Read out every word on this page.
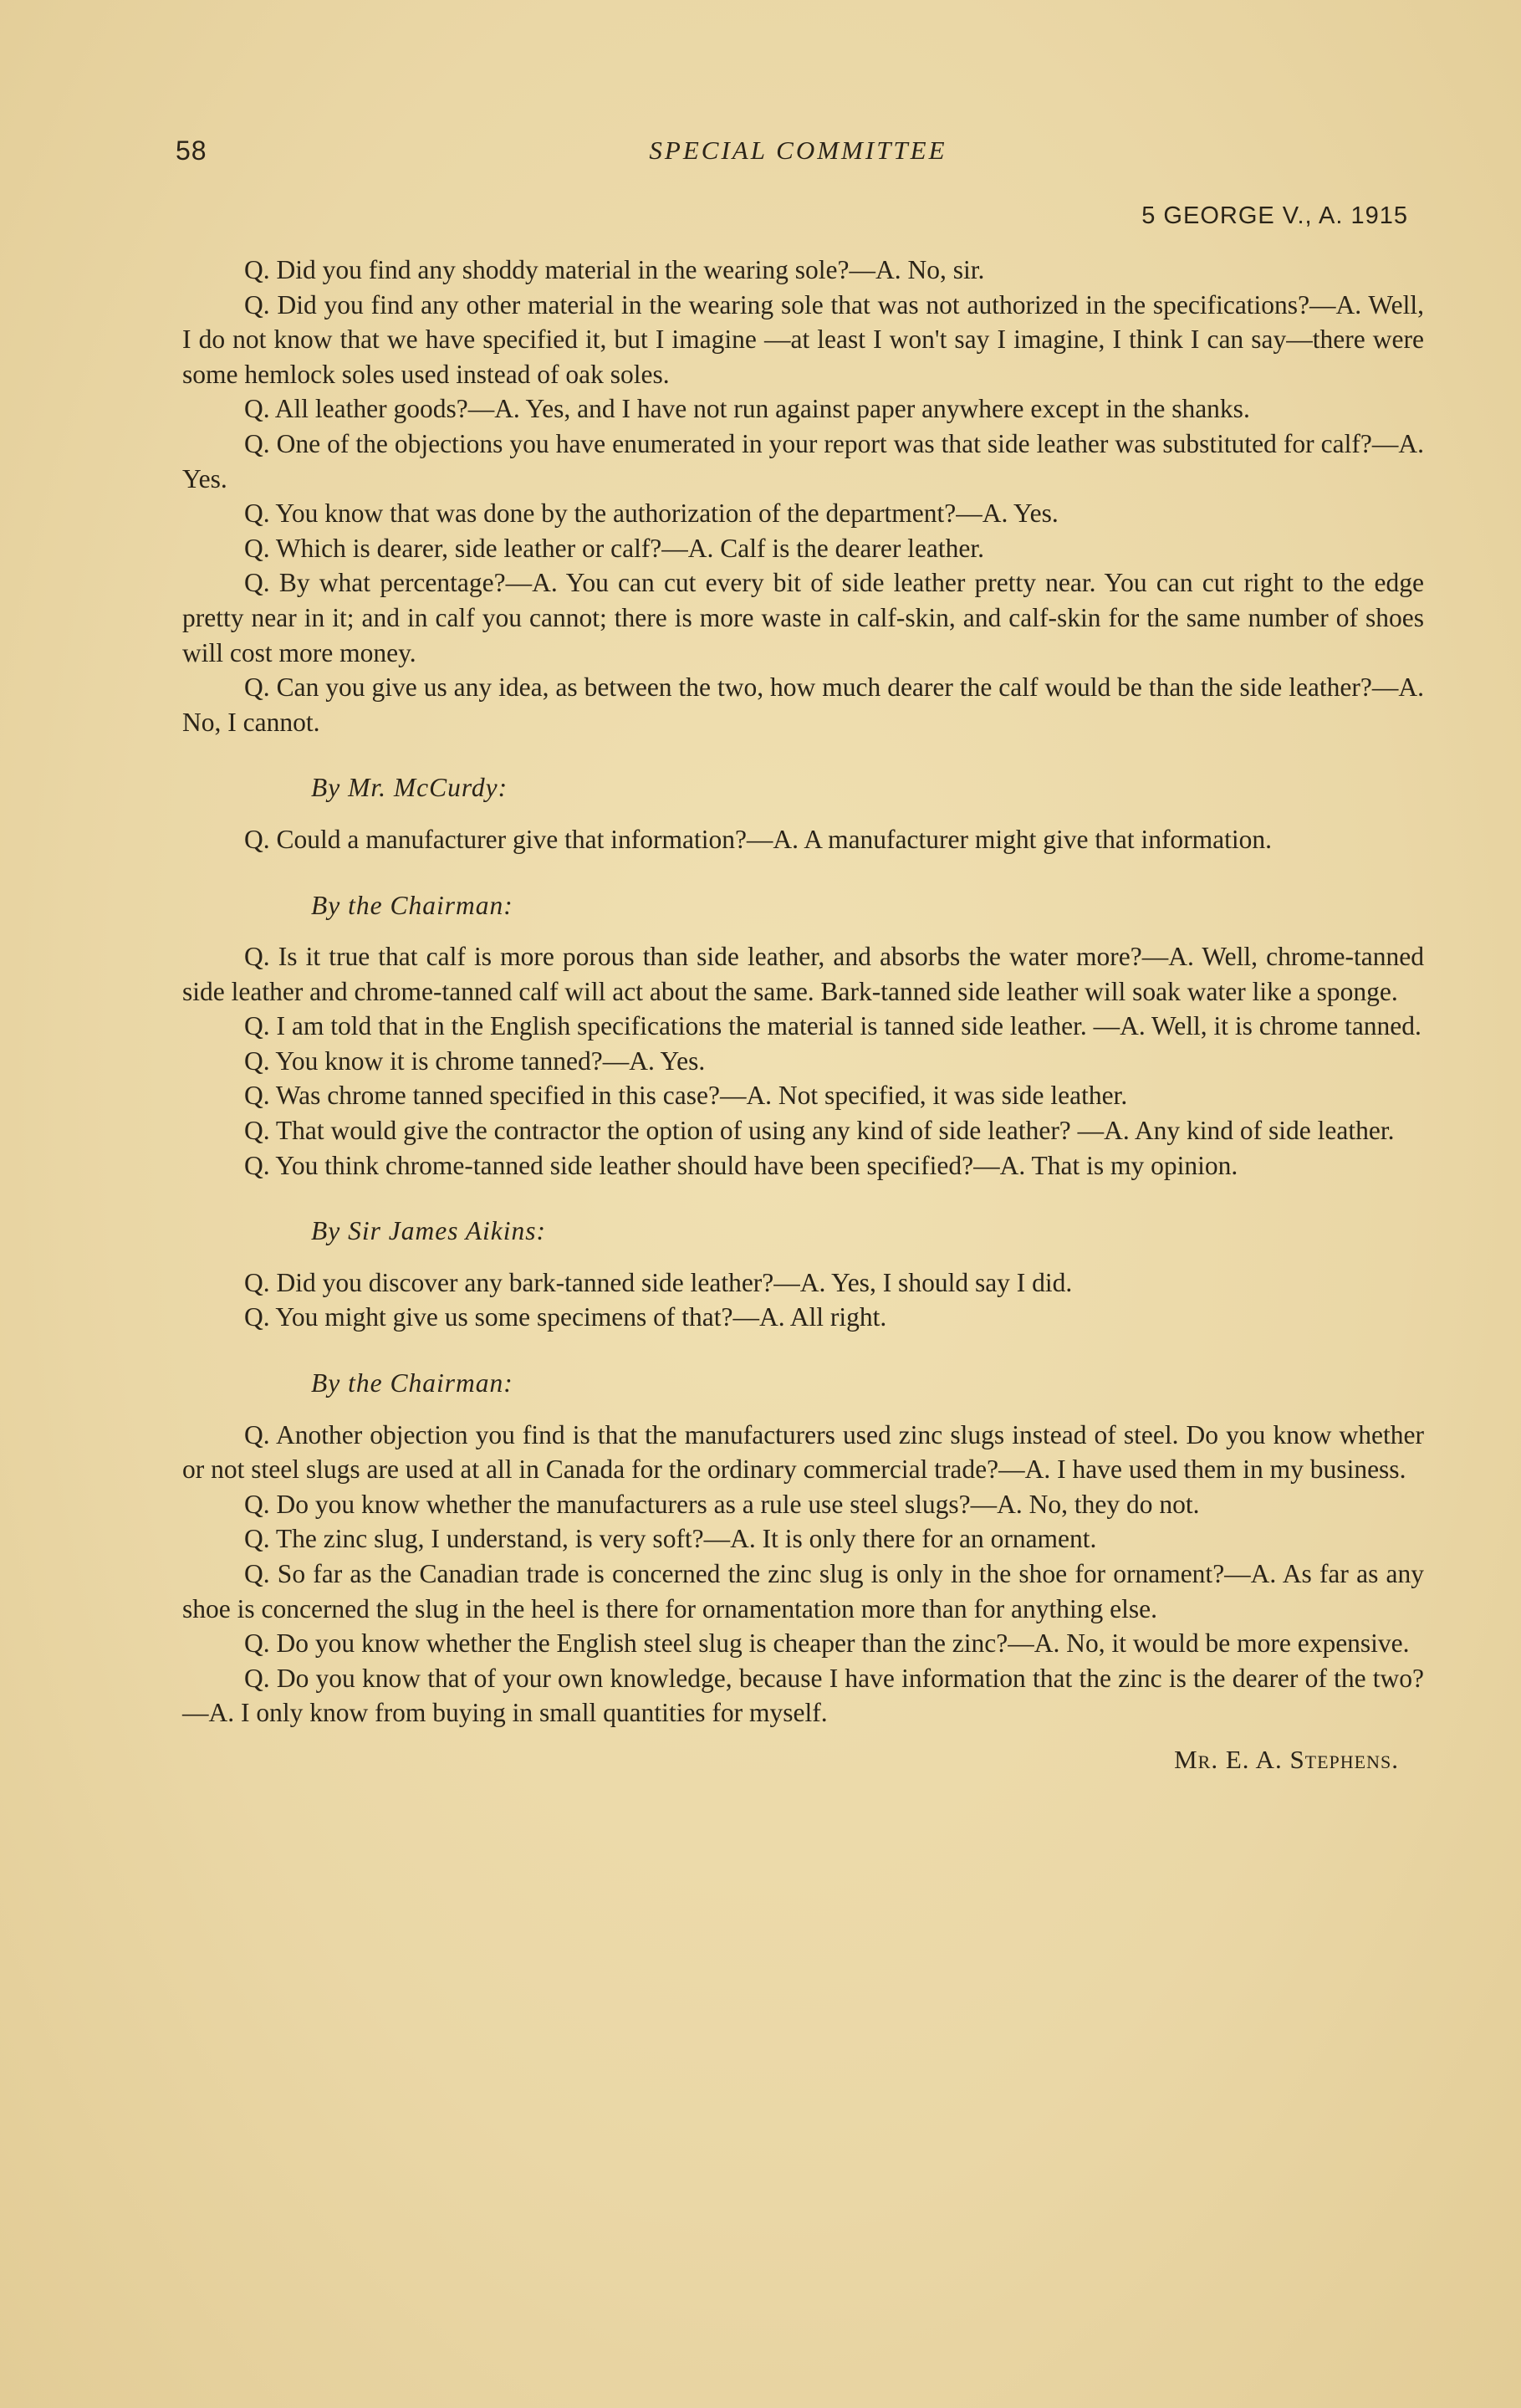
58	SPECIAL COMMITTEE
5 GEORGE V., A. 1915

Q. Did you find any shoddy material in the wearing sole?—A. No, sir.

Q. Did you find any other material in the wearing sole that was not authorized in the specifications?—A. Well, I do not know that we have specified it, but I imagine —at least I won't say I imagine, I think I can say—there were some hemlock soles used instead of oak soles.

Q. All leather goods?—A. Yes, and I have not run against paper anywhere except in the shanks.

Q. One of the objections you have enumerated in your report was that side leather was substituted for calf?—A. Yes.

Q. You know that was done by the authorization of the department?—A. Yes.

Q. Which is dearer, side leather or calf?—A. Calf is the dearer leather.

Q. By what percentage?—A. You can cut every bit of side leather pretty near. You can cut right to the edge pretty near in it; and in calf you cannot; there is more waste in calf-skin, and calf-skin for the same number of shoes will cost more money.

Q. Can you give us any idea, as between the two, how much dearer the calf would be than the side leather?—A. No, I cannot.

By Mr. McCurdy:

Q. Could a manufacturer give that information?—A. A manufacturer might give that information.

By the Chairman:

Q. Is it true that calf is more porous than side leather, and absorbs the water more?—A. Well, chrome-tanned side leather and chrome-tanned calf will act about the same. Bark-tanned side leather will soak water like a sponge.

Q. I am told that in the English specifications the material is tanned side leather. —A. Well, it is chrome tanned.

Q. You know it is chrome tanned?—A. Yes.

Q. Was chrome tanned specified in this case?—A. Not specified, it was side leather.

Q. That would give the contractor the option of using any kind of side leather? —A. Any kind of side leather.

Q. You think chrome-tanned side leather should have been specified?—A. That is my opinion.

By Sir James Aikins:

Q. Did you discover any bark-tanned side leather?—A. Yes, I should say I did.

Q. You might give us some specimens of that?—A. All right.

By the Chairman:

Q. Another objection you find is that the manufacturers used zinc slugs instead of steel. Do you know whether or not steel slugs are used at all in Canada for the ordinary commercial trade?—A. I have used them in my business.

Q. Do you know whether the manufacturers as a rule use steel slugs?—A. No, they do not.

Q. The zinc slug, I understand, is very soft?—A. It is only there for an ornament.

Q. So far as the Canadian trade is concerned the zinc slug is only in the shoe for ornament?—A. As far as any shoe is concerned the slug in the heel is there for ornamentation more than for anything else.

Q. Do you know whether the English steel slug is cheaper than the zinc?—A. No, it would be more expensive.

Q. Do you know that of your own knowledge, because I have information that the zinc is the dearer of the two?—A. I only know from buying in small quantities for myself.

Mr. E. A. Stephens.
